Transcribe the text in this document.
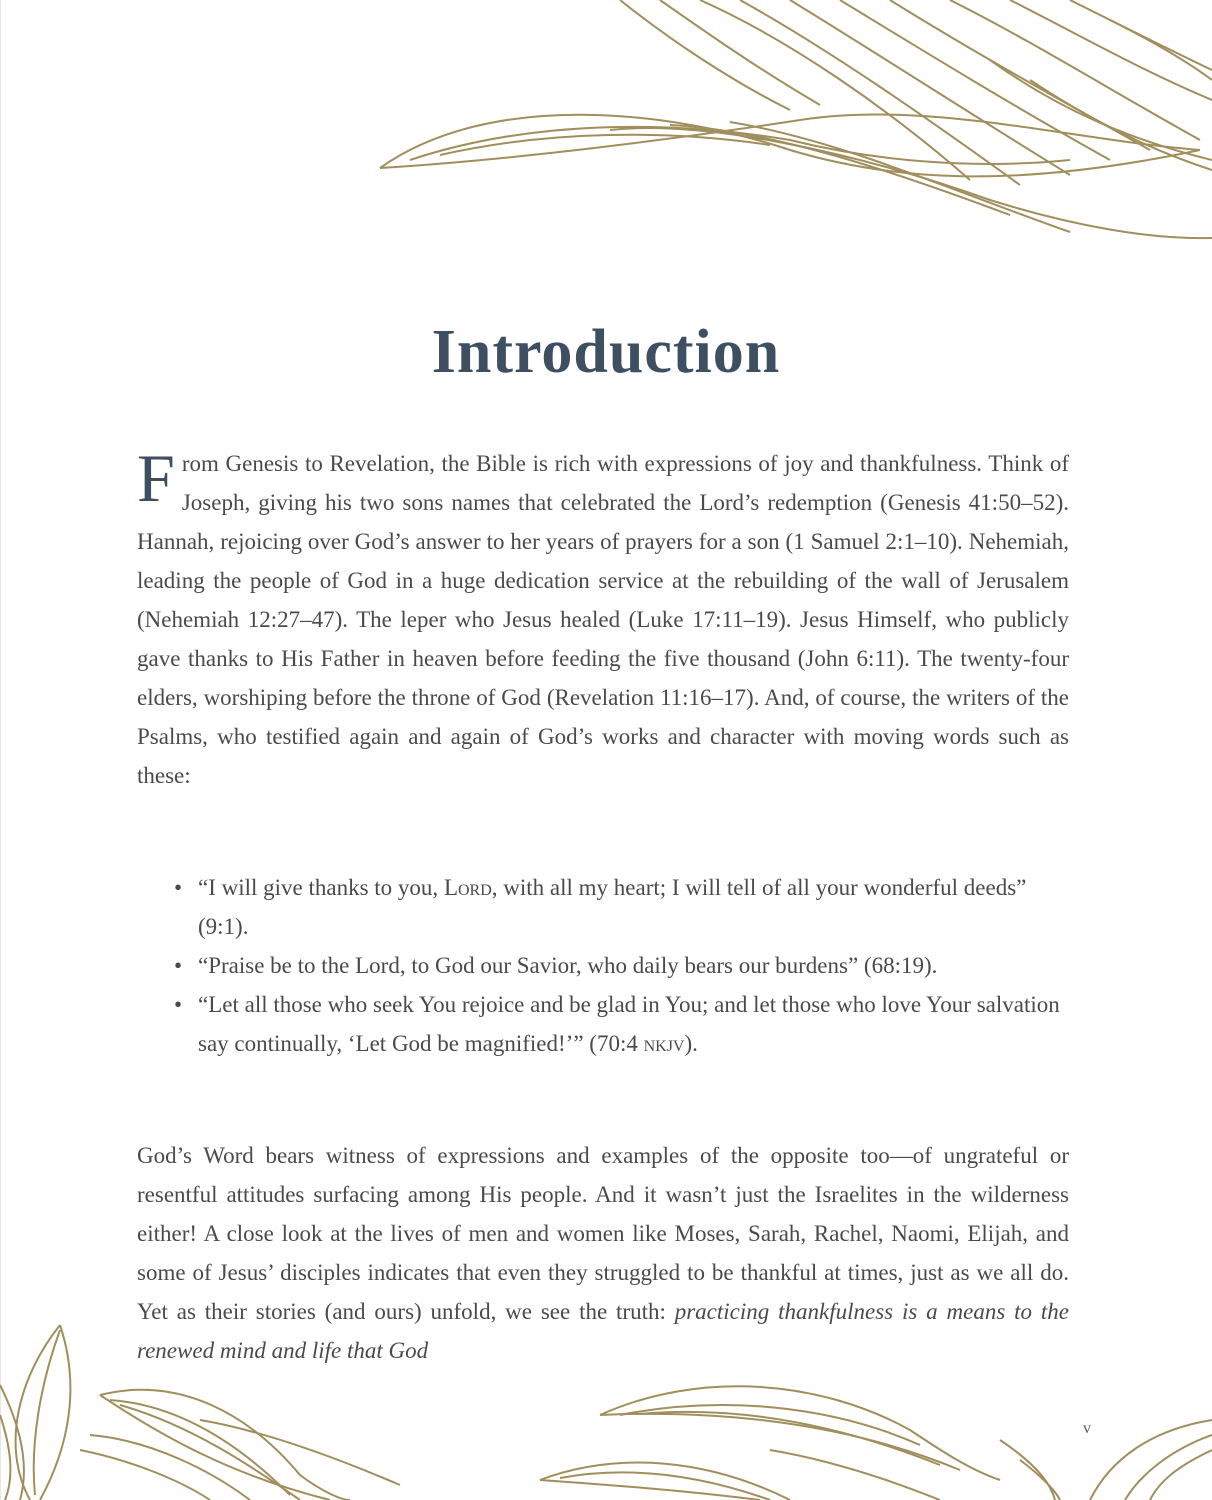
Introduction
From Genesis to Revelation, the Bible is rich with expressions of joy and thankfulness. Think of Joseph, giving his two sons names that celebrated the Lord’s redemption (Genesis 41:50–52). Hannah, rejoicing over God’s answer to her years of prayers for a son (1 Samuel 2:1–10). Nehemiah, leading the people of God in a huge dedication service at the rebuilding of the wall of Jerusalem (Nehemiah 12:27–47). The leper who Jesus healed (Luke 17:11–19). Jesus Himself, who publicly gave thanks to His Father in heaven before feeding the five thousand (John 6:11). The twenty-four elders, worshiping before the throne of God (Revelation 11:16–17). And, of course, the writers of the Psalms, who testified again and again of God’s works and character with moving words such as these:
• “I will give thanks to you, Lord, with all my heart; I will tell of all your wonderful deeds” (9:1).
• “Praise be to the Lord, to God our Savior, who daily bears our burdens” (68:19).
• “Let all those who seek You rejoice and be glad in You; and let those who love Your salvation say continually, ‘Let God be magnified!’” (70:4 nkjv).
God’s Word bears witness of expressions and examples of the opposite too—of ungrateful or resentful attitudes surfacing among His people. And it wasn’t just the Israelites in the wilderness either! A close look at the lives of men and women like Moses, Sarah, Rachel, Naomi, Elijah, and some of Jesus’ disciples indicates that even they struggled to be thankful at times, just as we all do. Yet as their stories (and ours) unfold, we see the truth: practicing thankfulness is a means to the renewed mind and life that God
v
